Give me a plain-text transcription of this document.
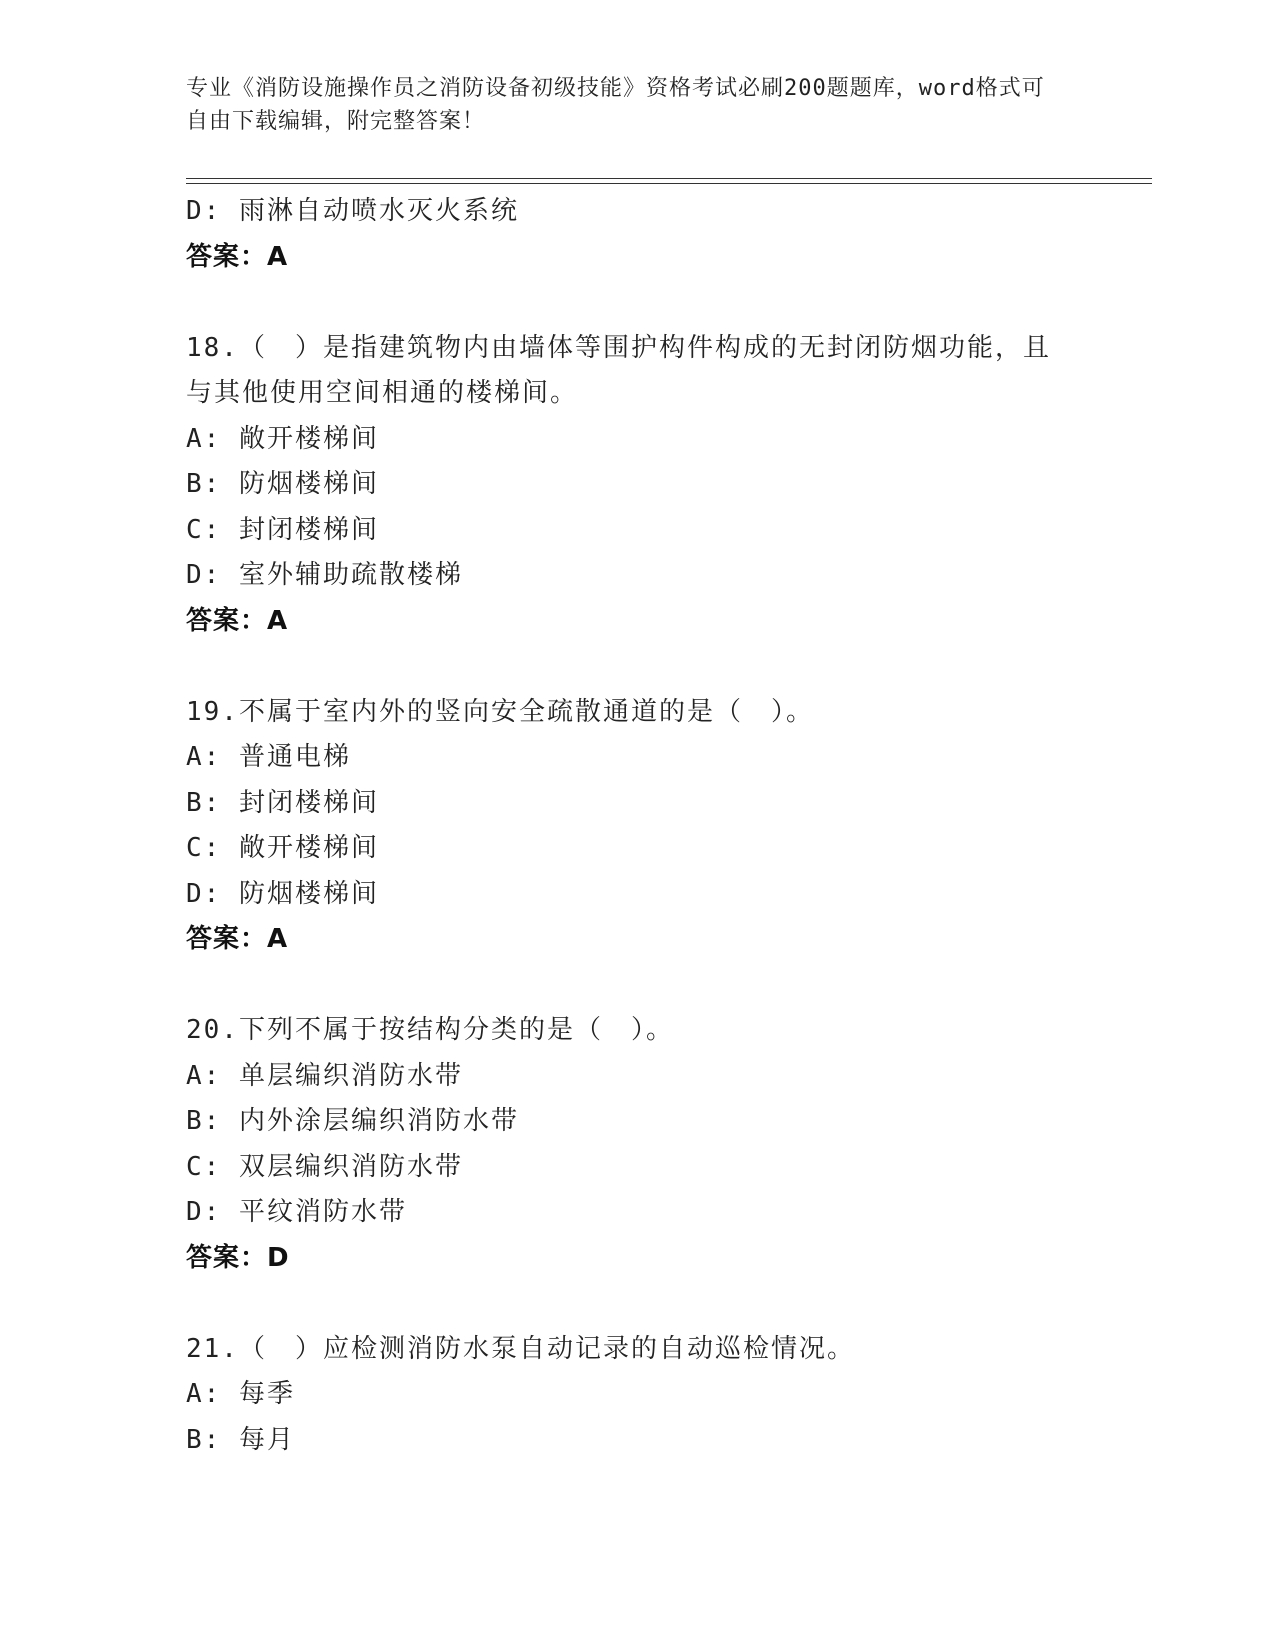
专业《消防设施操作员之消防设备初级技能》资格考试必刷200题题库，word格式可自由下载编辑，附完整答案！
D: 雨淋自动喷水灭火系统
答案：A
18.（　）是指建筑物内由墙体等围护构件构成的无封闭防烟功能，且
与其他使用空间相通的楼梯间。
A: 敞开楼梯间
B: 防烟楼梯间
C: 封闭楼梯间
D: 室外辅助疏散楼梯
答案：A
19.不属于室内外的竖向安全疏散通道的是（　）。
A: 普通电梯
B: 封闭楼梯间
C: 敞开楼梯间
D: 防烟楼梯间
答案：A
20.下列不属于按结构分类的是（　）。
A: 单层编织消防水带
B: 内外涂层编织消防水带
C: 双层编织消防水带
D: 平纹消防水带
答案：D
21.（　）应检测消防水泵自动记录的自动巡检情况。
A: 每季
B: 每月
